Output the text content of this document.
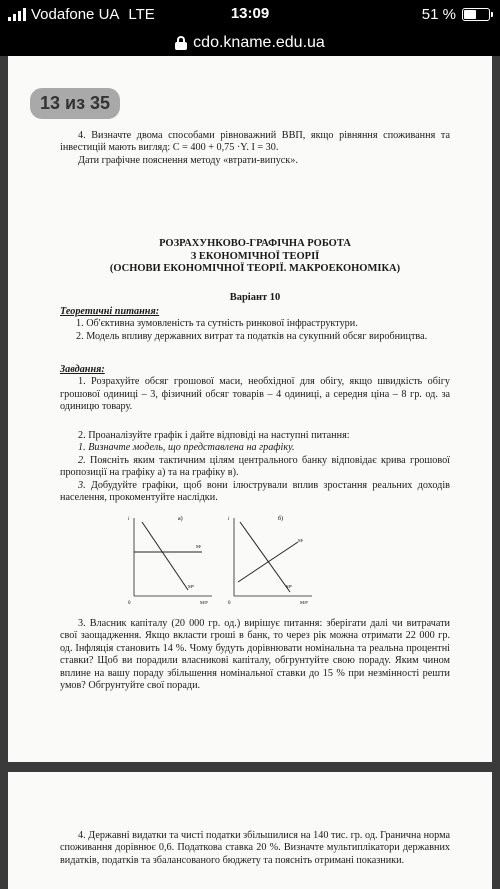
Vodafone UA LTE	13:09	51 %
cdo.kname.edu.ua
13 из 35

4. Визначте двома способами рівноважний ВВП, якщо рівняння споживання та інвестицій мають вигляд: C = 400 + 0,75 ·Y. I = 30.

Дати графічне пояснення методу «втрати-випуск».

РОЗРАХУНКОВО-ГРАФІЧНА РОБОТА

З ЕКОНОМІЧНОЇ ТЕОРІЇ

(ОСНОВИ ЕКОНОМІЧНОЇ ТЕОРІЇ. МАКРОЕКОНОМІКА)

Варіант 10

Теоретичні питання:

1. Об'єктивна зумовленість та сутність ринкової інфраструктури.

2. Модель впливу державних витрат та податків на сукупний обсяг виробництва.

Завдання:

1. Розрахуйте обсяг грошової маси, необхідної для обігу, якщо швидкість обігу грошової одиниці – 3, фізичний обсяг товарів – 4 одиниці, а середня ціна – 8 гр. од. за одиницю товару.

2. Проаналізуйте графік і дайте відповіді на наступні питання:

1. Визначте модель, що представлена на графіку.

2. Поясніть яким тактичним цілям центрального банку відповідає крива грошової пропозиції на графіку а) та на графіку в).

3. Добудуйте графіки, щоб вони ілюстрували вплив зростання реальних доходів населення, прокоментуйте наслідки.

i	а)
Mˢ
Mᴰ
0	M/P
i	б)
Mˢ
Mᴰ
0	M/P

3. Власник капіталу (20 000 гр. од.) вирішує питання: зберігати далі чи витрачати свої заощадження. Якщо вкласти гроші в банк, то через рік можна отримати 22 000 гр. од. Інфляція становить 14 %. Чому будуть дорівнювати номінальна та реальна процентні ставки? Щоб ви порадили власникові капіталу, обгрунтуйте свою пораду. Яким чином вплине на вашу пораду збільшення номінальної ставки до 15 % при незмінності решти умов? Обгрунтуйте свої поради.

4. Державні видатки та чисті податки збільшилися на 140 тис. гр. од. Гранична норма споживання дорівнює 0,6. Податкова ставка 20 %. Визначте мультиплікатори державних видатків, податків та збалансованого бюджету та поясніть отримані показники.
